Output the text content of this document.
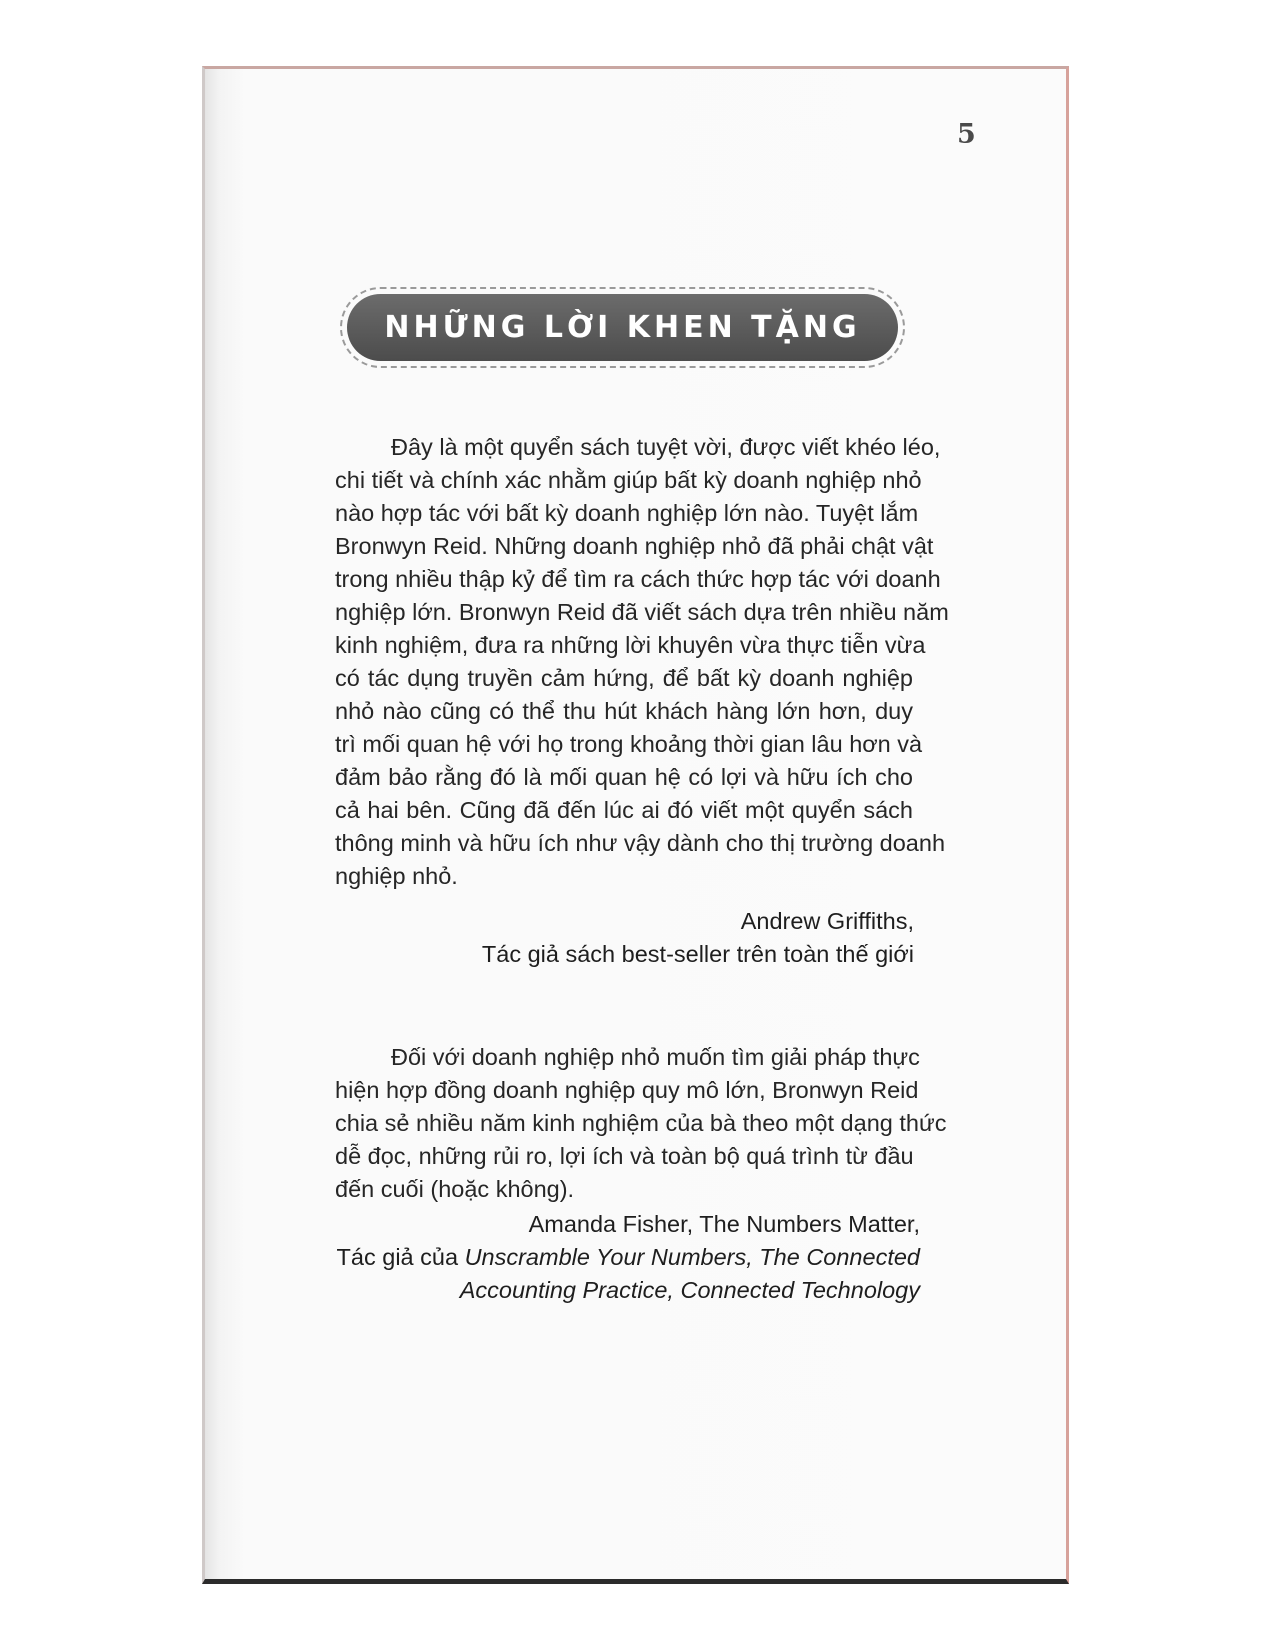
5
NHỮNG LỜI KHEN TẶNG
Đây là một quyển sách tuyệt vời, được viết khéo léo,
chi tiết và chính xác nhằm giúp bất kỳ doanh nghiệp nhỏ
nào hợp tác với bất kỳ doanh nghiệp lớn nào. Tuyệt lắm
Bronwyn Reid. Những doanh nghiệp nhỏ đã phải chật vật
trong nhiều thập kỷ để tìm ra cách thức hợp tác với doanh
nghiệp lớn. Bronwyn Reid đã viết sách dựa trên nhiều năm
kinh nghiệm, đưa ra những lời khuyên vừa thực tiễn vừa
có tác dụng truyền cảm hứng, để bất kỳ doanh nghiệp
nhỏ nào cũng có thể thu hút khách hàng lớn hơn, duy
trì mối quan hệ với họ trong khoảng thời gian lâu hơn và
đảm bảo rằng đó là mối quan hệ có lợi và hữu ích cho
cả hai bên. Cũng đã đến lúc ai đó viết một quyển sách
thông minh và hữu ích như vậy dành cho thị trường doanh
nghiệp nhỏ.
Andrew Griffiths,
Tác giả sách best-seller trên toàn thế giới
Đối với doanh nghiệp nhỏ muốn tìm giải pháp thực
hiện hợp đồng doanh nghiệp quy mô lớn, Bronwyn Reid
chia sẻ nhiều năm kinh nghiệm của bà theo một dạng thức
dễ đọc, những rủi ro, lợi ích và toàn bộ quá trình từ đầu
đến cuối (hoặc không).
Amanda Fisher, The Numbers Matter,
Tác giả của Unscramble Your Numbers, The Connected
Accounting Practice, Connected Technology
